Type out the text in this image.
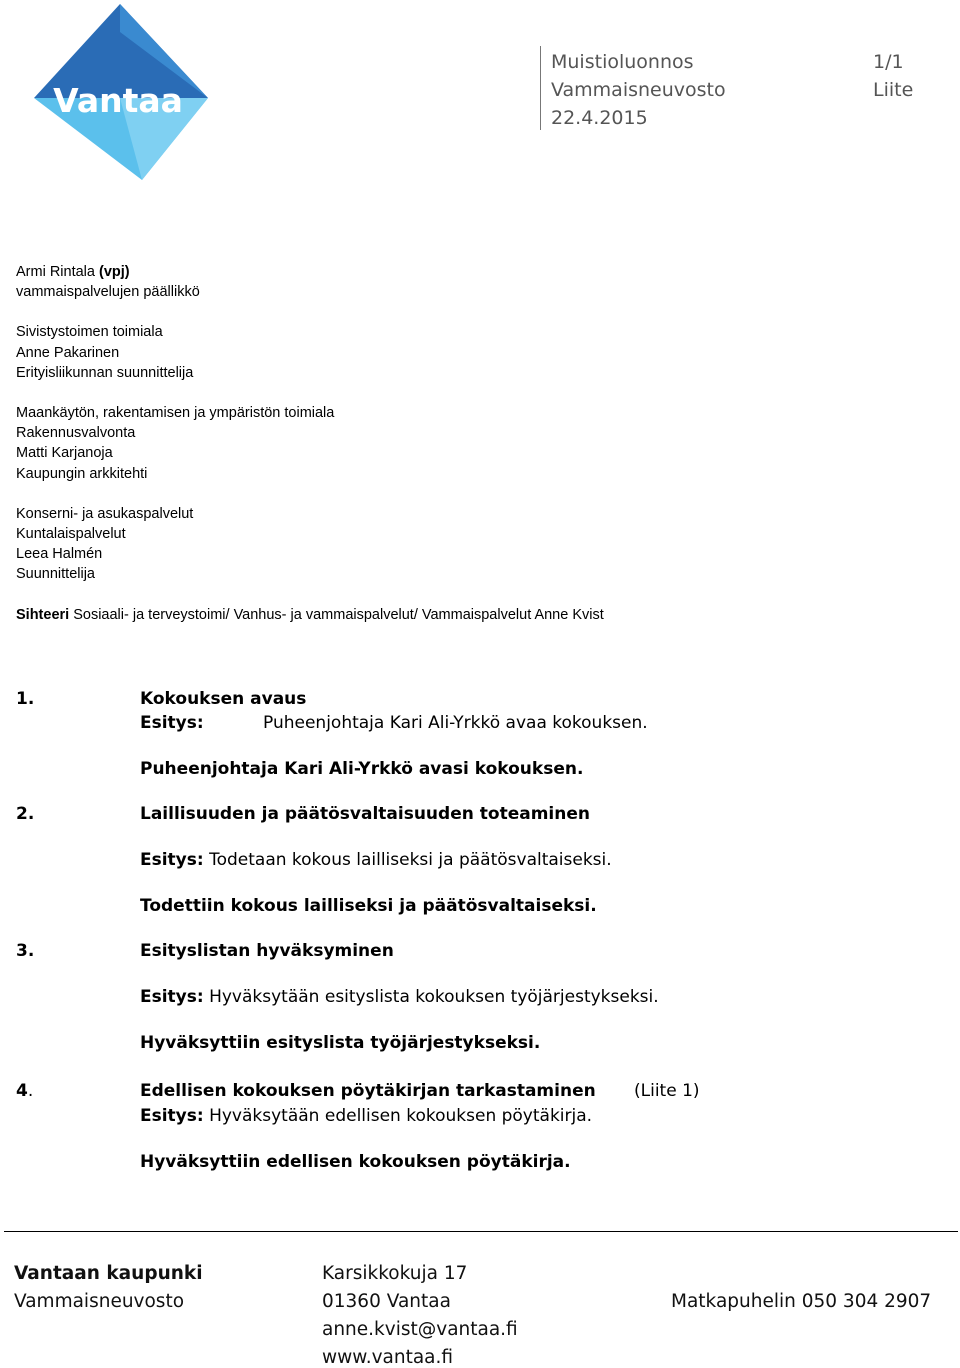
Vantaa
Muistioluonnos	1/1
Vammaisneuvosto	Liite
22.4.2015
Armi Rintala (vpj)
vammaispalvelujen päällikkö
Sivistystoimen toimiala
Anne Pakarinen
Erityisliikunnan suunnittelija
Maankäytön, rakentamisen ja ympäristön toimiala
Rakennusvalvonta
Matti Karjanoja
Kaupungin arkkitehti
Konserni- ja asukaspalvelut
Kuntalaispalvelut
Leea Halmén
Suunnittelija
Sihteeri Sosiaali- ja terveystoimi/ Vanhus- ja vammaispalvelut/ Vammaispalvelut Anne Kvist
1.	Kokouksen avaus
Esitys:	Puheenjohtaja Kari Ali-Yrkkö avaa kokouksen.
Puheenjohtaja Kari Ali-Yrkkö avasi kokouksen.
2.	Laillisuuden ja päätösvaltaisuuden toteaminen
Esitys: Todetaan kokous lailliseksi ja päätösvaltaiseksi.
Todettiin kokous lailliseksi ja päätösvaltaiseksi.
3.	Esityslistan hyväksyminen
Esitys: Hyväksytään esityslista kokouksen työjärjestykseksi.
Hyväksyttiin esityslista työjärjestykseksi.
4.	Edellisen kokouksen pöytäkirjan tarkastaminen (Liite 1)
Esitys: Hyväksytään edellisen kokouksen pöytäkirja.
Hyväksyttiin edellisen kokouksen pöytäkirja.
Vantaan kaupunki
Vammaisneuvosto
Karsikkokuja 17
01360 Vantaa
anne.kvist@vantaa.fi
www.vantaa.fi
Matkapuhelin 050 304 2907
